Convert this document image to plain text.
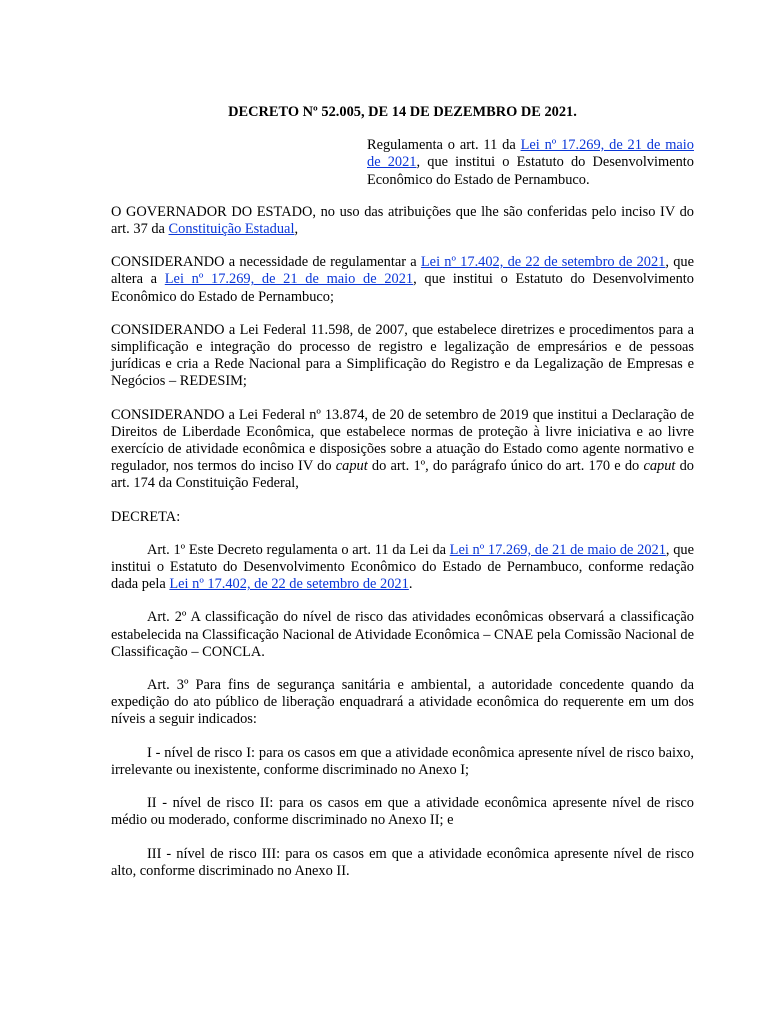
DECRETO Nº 52.005, DE 14 DE DEZEMBRO DE 2021.

Regulamenta o art. 11 da Lei nº 17.269, de 21 de maio de 2021, que institui o Estatuto do Desenvolvimento Econômico do Estado de Pernambuco.

O GOVERNADOR DO ESTADO, no uso das atribuições que lhe são conferidas pelo inciso IV do art. 37 da Constituição Estadual,

CONSIDERANDO a necessidade de regulamentar a Lei nº 17.402, de 22 de setembro de 2021, que altera a Lei nº 17.269, de 21 de maio de 2021, que institui o Estatuto do Desenvolvimento Econômico do Estado de Pernambuco;

CONSIDERANDO a Lei Federal 11.598, de 2007, que estabelece diretrizes e procedimentos para a simplificação e integração do processo de registro e legalização de empresários e de pessoas jurídicas e cria a Rede Nacional para a Simplificação do Registro e da Legalização de Empresas e Negócios – REDESIM;

CONSIDERANDO a Lei Federal nº 13.874, de 20 de setembro de 2019 que institui a Declaração de Direitos de Liberdade Econômica, que estabelece normas de proteção à livre iniciativa e ao livre exercício de atividade econômica e disposições sobre a atuação do Estado como agente normativo e regulador, nos termos do inciso IV do caput do art. 1º, do parágrafo único do art. 170 e do caput do art. 174 da Constituição Federal,

DECRETA:

Art. 1º Este Decreto regulamenta o art. 11 da Lei da Lei nº 17.269, de 21 de maio de 2021, que institui o Estatuto do Desenvolvimento Econômico do Estado de Pernambuco, conforme redação dada pela Lei nº 17.402, de 22 de setembro de 2021.

Art. 2º A classificação do nível de risco das atividades econômicas observará a classificação estabelecida na Classificação Nacional de Atividade Econômica – CNAE pela Comissão Nacional de Classificação – CONCLA.

Art. 3º Para fins de segurança sanitária e ambiental, a autoridade concedente quando da expedição do ato público de liberação enquadrará a atividade econômica do requerente em um dos níveis a seguir indicados:

I - nível de risco I: para os casos em que a atividade econômica apresente nível de risco baixo, irrelevante ou inexistente, conforme discriminado no Anexo I;

II - nível de risco II: para os casos em que a atividade econômica apresente nível de risco médio ou moderado, conforme discriminado no Anexo II; e

III - nível de risco III: para os casos em que a atividade econômica apresente nível de risco alto, conforme discriminado no Anexo II.
